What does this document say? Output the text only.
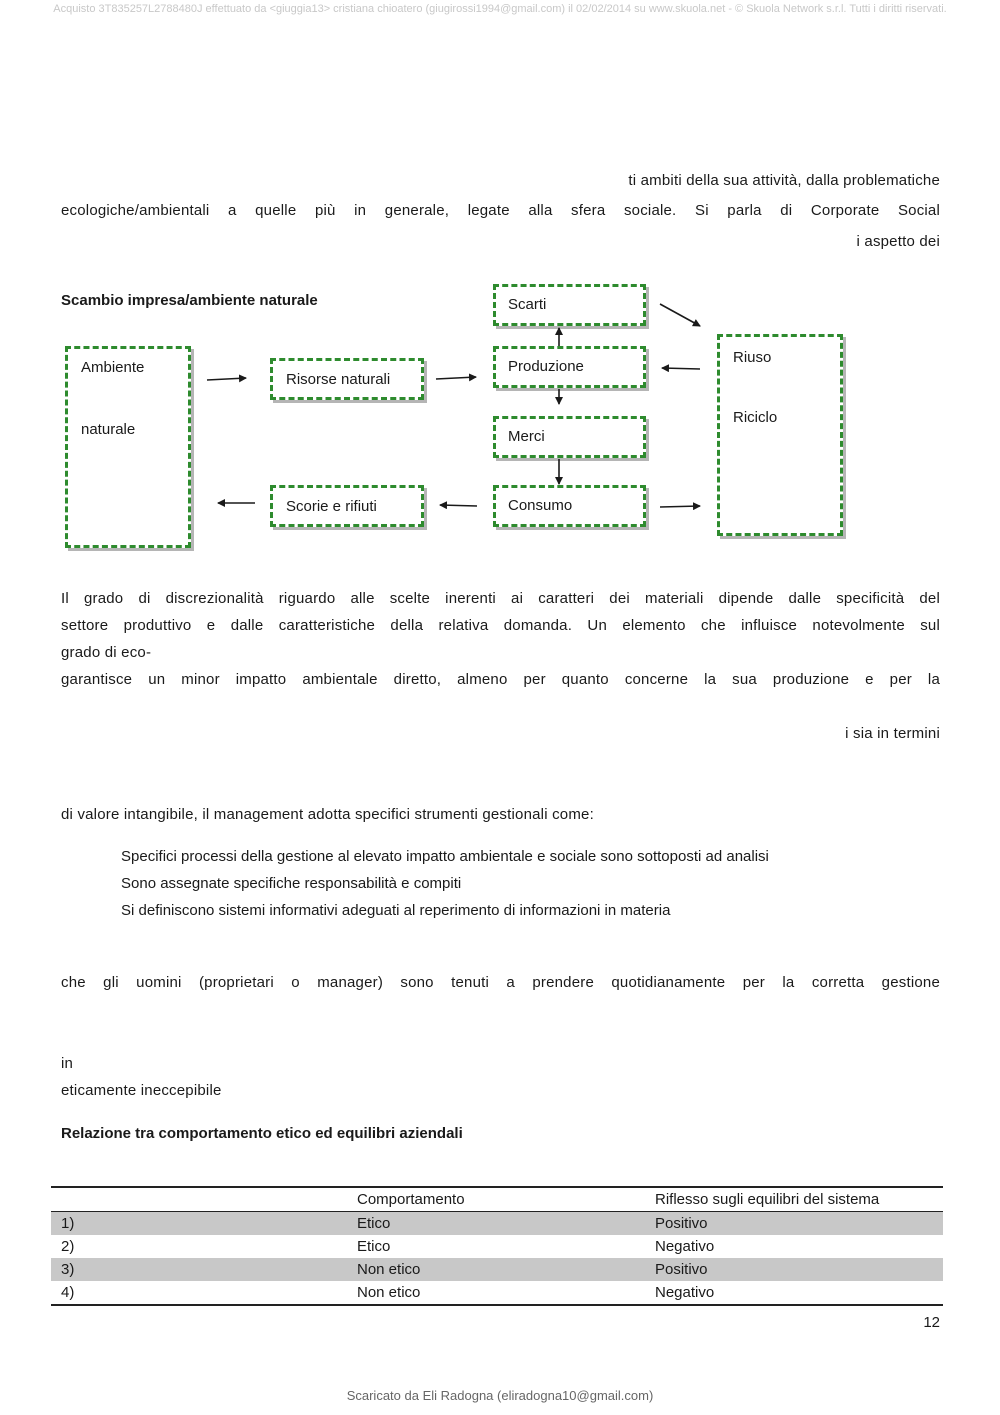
Acquisto 3T835257L2788480J effettuato da <giuggia13> cristiana chioatero (giugirossi1994@gmail.com) il 02/02/2014 su www.skuola.net - © Skuola Network s.r.l. Tutti i diritti riservati.
ti ambiti della sua attività, dalla problematiche
ecologiche/ambientali a quelle più in generale, legate alla sfera sociale. Si parla di Corporate Social
i aspetto dei
Scambio impresa/ambiente naturale
Ambiente
naturale
Risorse naturali
Scarti
Produzione
Merci
Consumo
Scorie e rifiuti
Riuso
Riciclo
Il grado di discrezionalità riguardo alle scelte inerenti ai caratteri dei materiali dipende dalle specificità del
settore produttivo e dalle caratteristiche della relativa domanda. Un elemento che influisce notevolmente sul
grado di eco-
garantisce un minor impatto ambientale diretto, almeno per quanto concerne la sua produzione e per la
i sia in termini
di valore intangibile, il management adotta specifici strumenti gestionali come:
Specifici processi della gestione al elevato impatto ambientale e sociale sono sottoposti ad analisi
Sono assegnate specifiche responsabilità e compiti
Si definiscono sistemi informativi adeguati al reperimento di informazioni in materia
che gli uomini (proprietari o manager) sono tenuti a prendere quotidianamente per la corretta gestione
in
eticamente ineccepibile
Relazione tra comportamento etico ed equilibri aziendali
	Comportamento	Riflesso sugli equilibri del sistema
1)	Etico	Positivo
2)	Etico	Negativo
3)	Non etico	Positivo
4)	Non etico	Negativo
12
Scaricato da Eli Radogna (eliradogna10@gmail.com)
